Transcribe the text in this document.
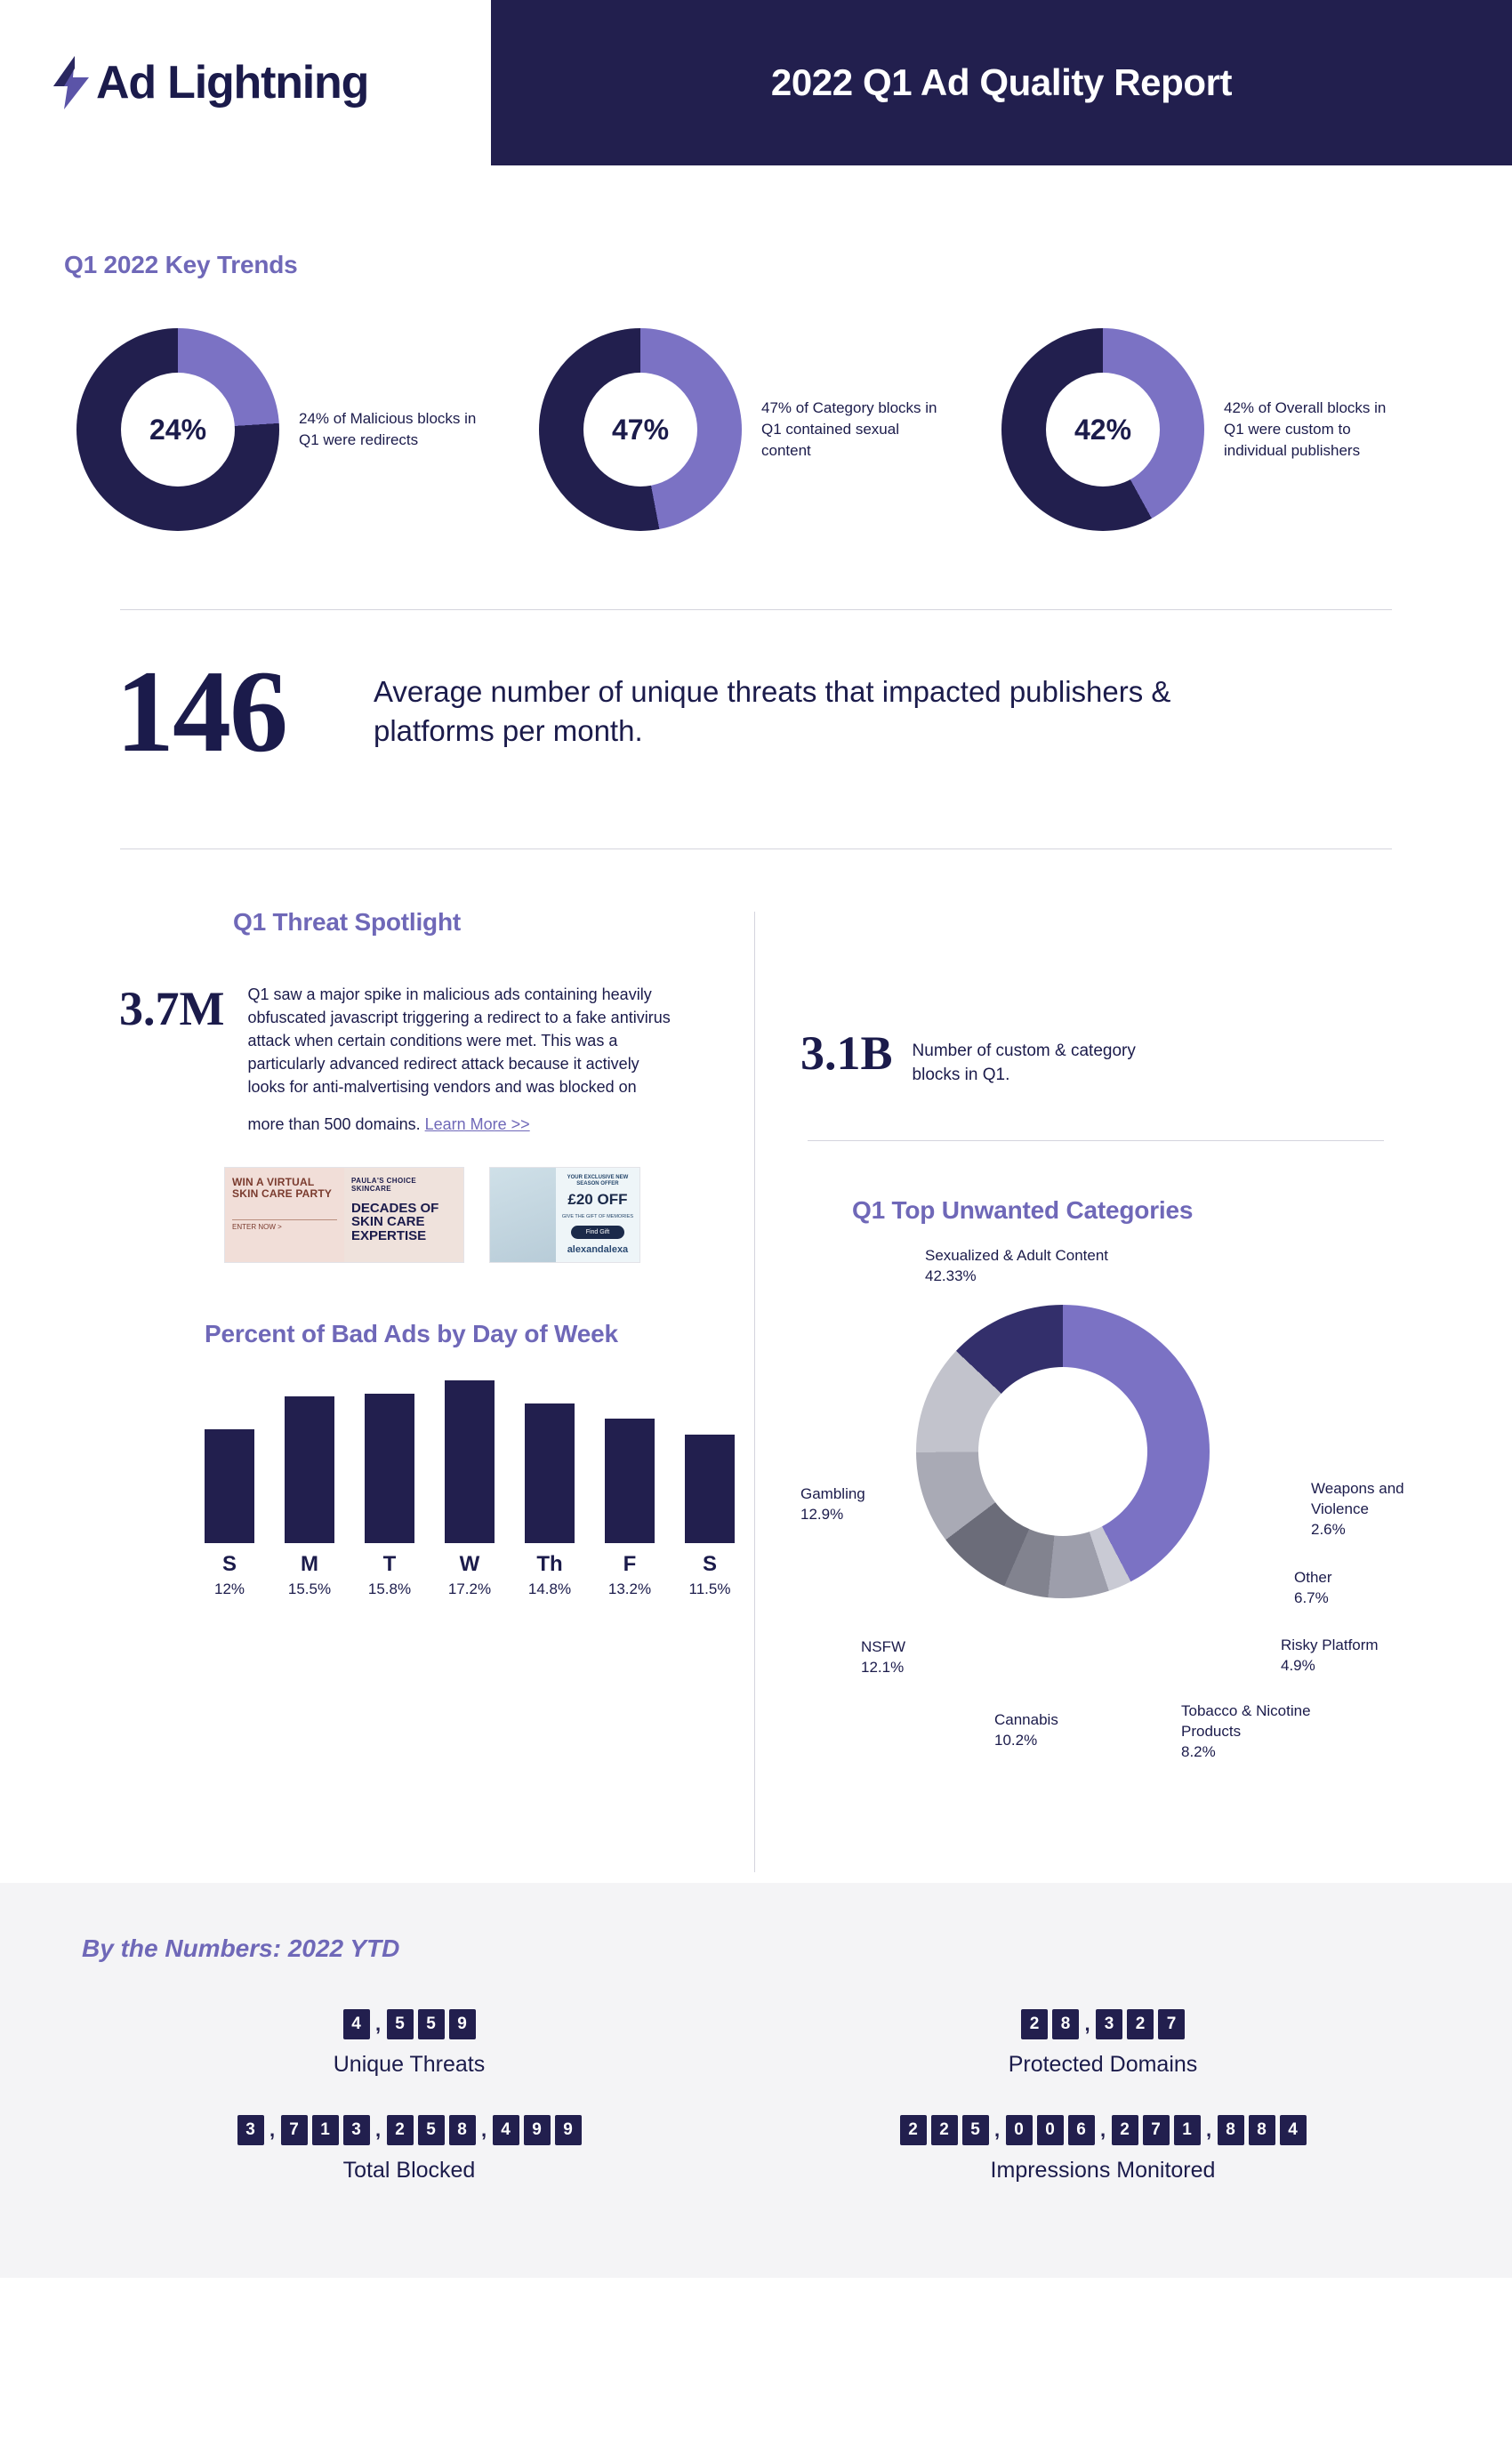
Ad Lightning	2022 Q1 Ad Quality Report
Q1 2022 Key Trends
24%	24% of Malicious blocks in Q1 were redirects	47%
47% of Category blocks in Q1 contained sexual content
42%
42% of Overall blocks in Q1 were custom to individual publishers
146	Average number of unique threats that impacted publishers & platforms per month.
Q1 Threat Spotlight
3.7M Q1 saw a major spike in malicious ads containing heavily obfuscated javascript triggering a redirect to a fake antivirus attack when certain conditions were met. This was a particularly advanced redirect attack because it actively looks for anti-malvertising vendors and was blocked on more than 500 domains. Learn More >>
WIN A VIRTUAL SKIN CARE PARTY
ENTER NOW >
PAULA'S CHOICE SKINCARE
DECADES OF SKIN CARE EXPERTISE
YOUR EXCLUSIVE NEW SEASON OFFER
£20 OFF
GIVE THE GIFT OF MEMORIES
Find Gift
alexandalexa
Percent of Bad Ads by Day of Week
S
12%
M
15.5%
T
15.8%
W
17.2%
Th
14.8%
F
13.2%
S
11.5%
3.1B Number of custom & category blocks in Q1.
Q1 Top Unwanted Categories
Sexualized & Adult Content
42.33%
Weapons and Violence
2.6%
Other
6.7%
Risky Platform
4.9%
Tobacco & Nicotine Products
8.2%
Cannabis
10.2%
NSFW
12.1%
Gambling
12.9%
By the Numbers: 2022 YTD
4 , 5	5	9
Unique Threats
3 , 7	1	3 , 2	5	8 , 4	9	9
Total Blocked
2	8 , 3	2	7
Protected Domains
2	2	5 , 0	0	6 , 2	7	1 , 8	8	4
Impressions Monitored
